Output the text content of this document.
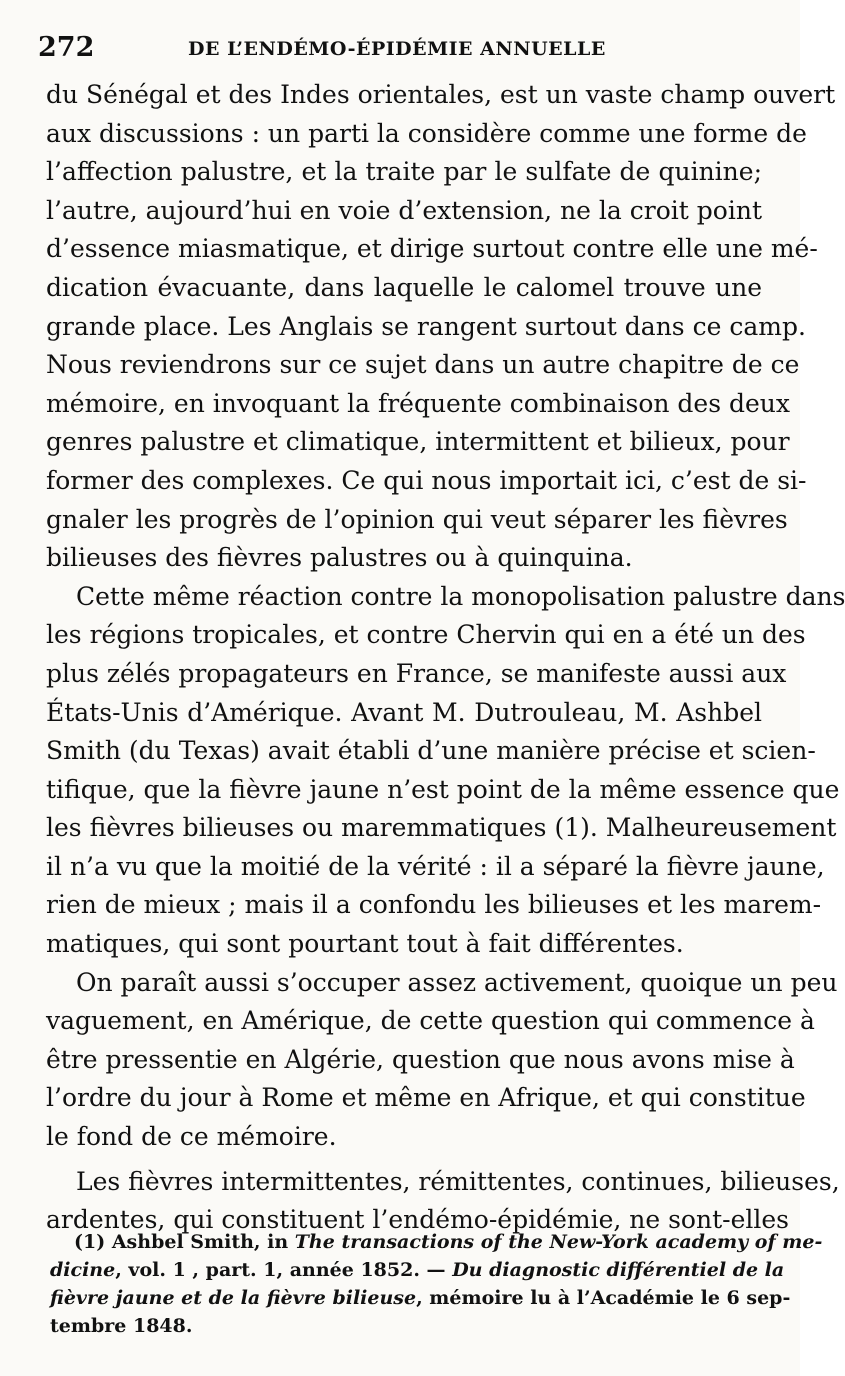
272	DE L’ENDÉMO-ÉPIDÉMIE ANNUELLE
du Sénégal et des Indes orientales, est un vaste champ ouvert
aux discussions : un parti la considère comme une forme de
l’affection palustre, et la traite par le sulfate de quinine;
l’autre, aujourd’hui en voie d’extension, ne la croit point
d’essence miasmatique, et dirige surtout contre elle une mé-
dication évacuante, dans laquelle le calomel trouve une
grande place. Les Anglais se rangent surtout dans ce camp.
Nous reviendrons sur ce sujet dans un autre chapitre de ce
mémoire, en invoquant la fréquente combinaison des deux
genres palustre et climatique, intermittent et bilieux, pour
former des complexes. Ce qui nous importait ici, c’est de si-
gnaler les progrès de l’opinion qui veut séparer les fièvres
bilieuses des fièvres palustres ou à quinquina.
Cette même réaction contre la monopolisation palustre dans
les régions tropicales, et contre Chervin qui en a été un des
plus zélés propagateurs en France, se manifeste aussi aux
États-Unis d’Amérique. Avant M. Dutrouleau, M. Ashbel
Smith (du Texas) avait établi d’une manière précise et scien-
tifique, que la fièvre jaune n’est point de la même essence que
les fièvres bilieuses ou maremmatiques (1). Malheureusement
il n’a vu que la moitié de la vérité : il a séparé la fièvre jaune,
rien de mieux ; mais il a confondu les bilieuses et les marem-
matiques, qui sont pourtant tout à fait différentes.
On paraît aussi s’occuper assez activement, quoique un peu
vaguement, en Amérique, de cette question qui commence à
être pressentie en Algérie, question que nous avons mise à
l’ordre du jour à Rome et même en Afrique, et qui constitue
le fond de ce mémoire.
Les fièvres intermittentes, rémittentes, continues, bilieuses,
ardentes, qui constituent l’endémo-épidémie, ne sont-elles
(1) Ashbel Smith, in The transactions of the New-York academy of me-
dicine, vol. 1 , part. 1, année 1852. — Du diagnostic différentiel de la
fièvre jaune et de la fièvre bilieuse, mémoire lu à l’Académie le 6 sep-
tembre 1848.
